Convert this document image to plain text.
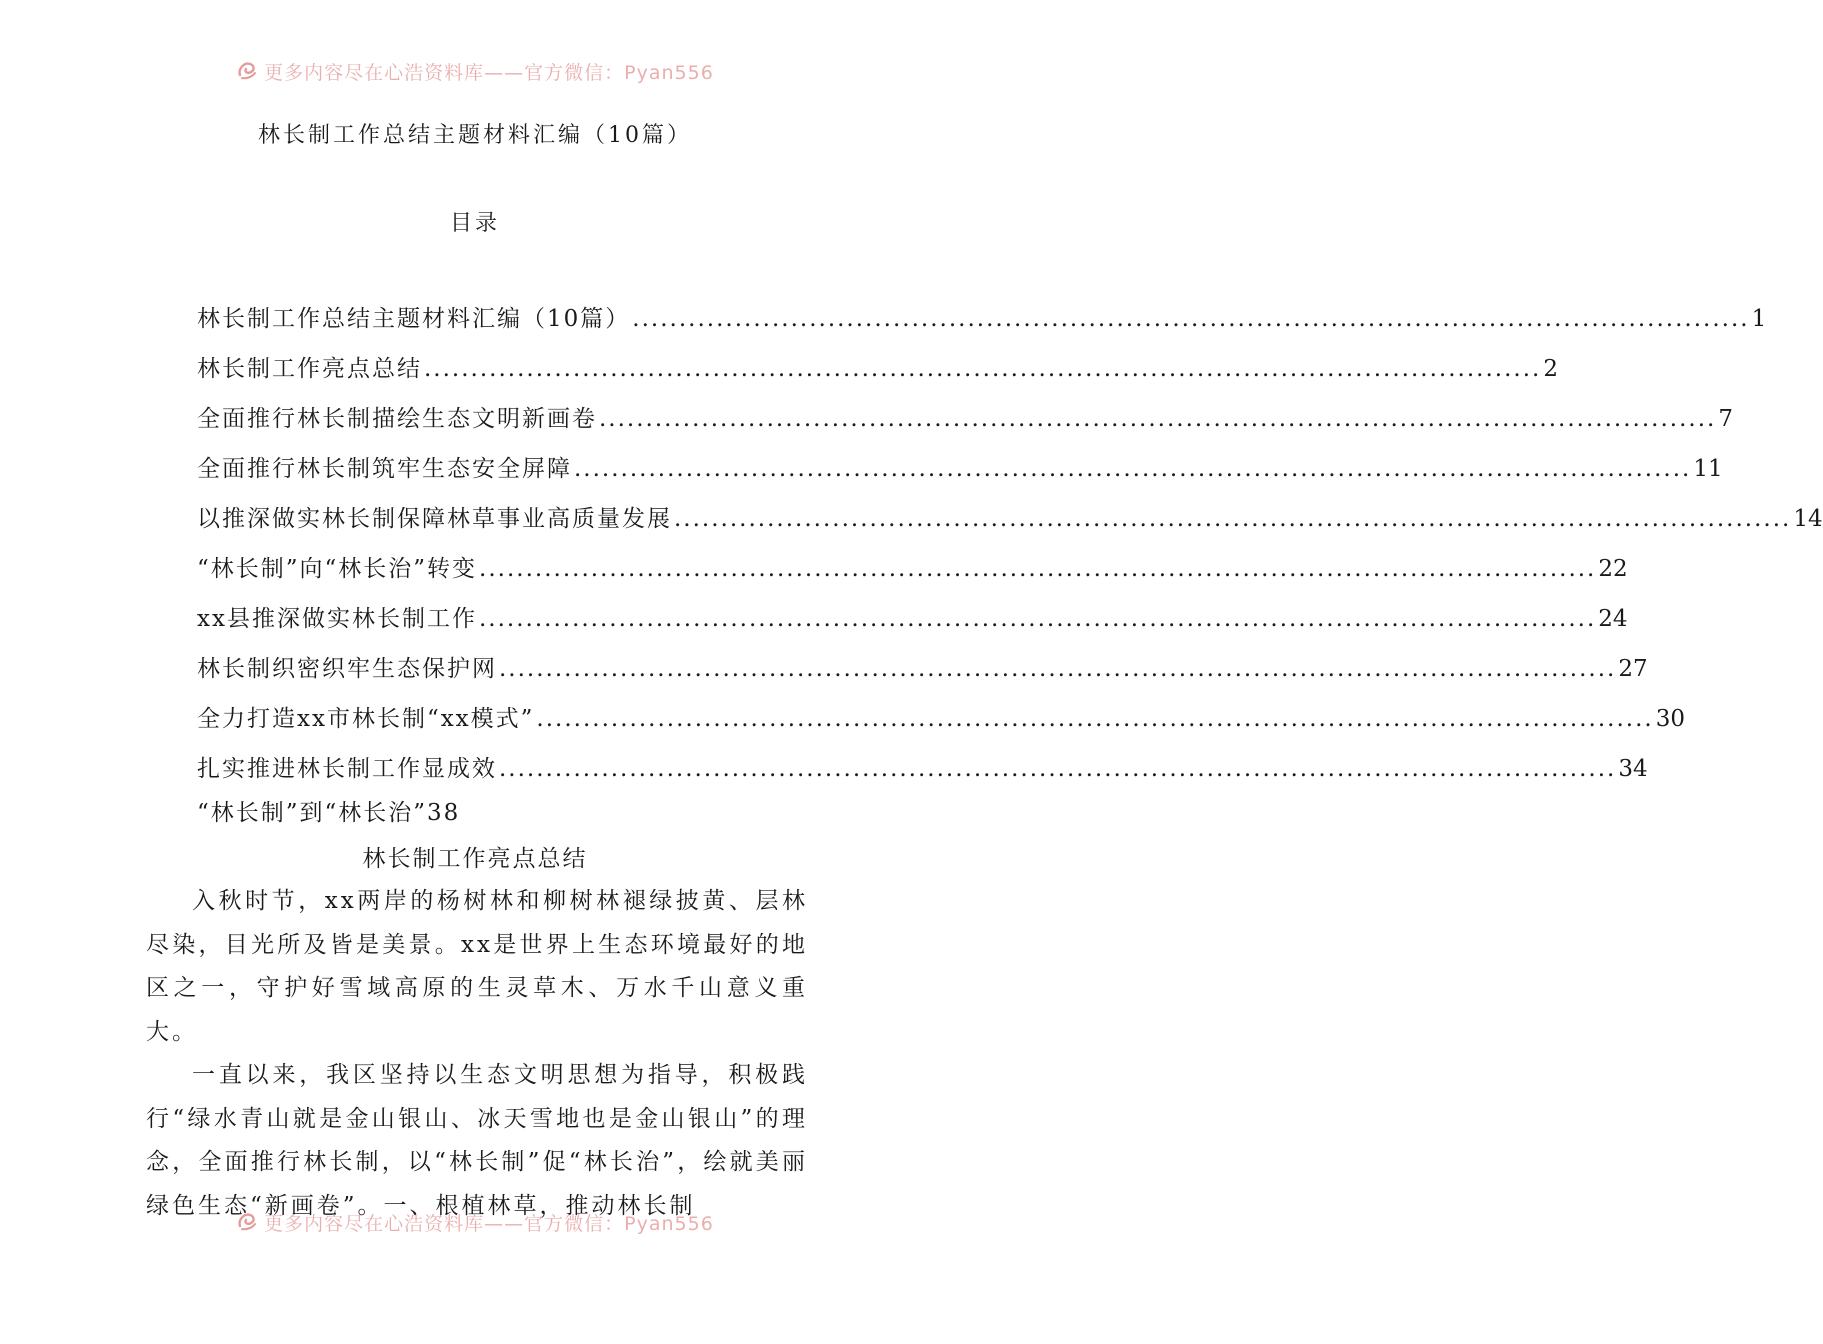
更多内容尽在心浩资料库——官方微信：Pyan556
林长制工作总结主题材料汇编（10篇）
目录
林长制工作总结主题材料汇编（10篇） ........................................................................................................................ 1
林长制工作亮点总结 ........................................................................................................................ 2
全面推行林长制描绘生态文明新画卷 ........................................................................................................................ 7
全面推行林长制筑牢生态安全屏障 ........................................................................................................................ 11
以推深做实林长制保障林草事业高质量发展 ........................................................................................................................ 14
“林长制”向“林长治”转变 ........................................................................................................................ 22
xx县推深做实林长制工作 ........................................................................................................................ 24
林长制织密织牢生态保护网 ........................................................................................................................ 27
全力打造xx市林长制“xx模式” ........................................................................................................................ 30
扎实推进林长制工作显成效 ........................................................................................................................ 34
“林长制”到“林长治”38
林长制工作亮点总结

入秋时节，xx两岸的杨树林和柳树林褪绿披黄、层林尽染，目光所及皆是美景。xx是世界上生态环境最好的地区之一，守护好雪域高原的生灵草木、万水千山意义重大。

一直以来，我区坚持以生态文明思想为指导，积极践行“绿水青山就是金山银山、冰天雪地也是金山银山”的理念，全面推行林长制，以“林长制”促“林长治”，绘就美丽绿色生态“新画卷”。一、根植林草，推动林长制

更多内容尽在心浩资料库——官方微信：Pyan556
